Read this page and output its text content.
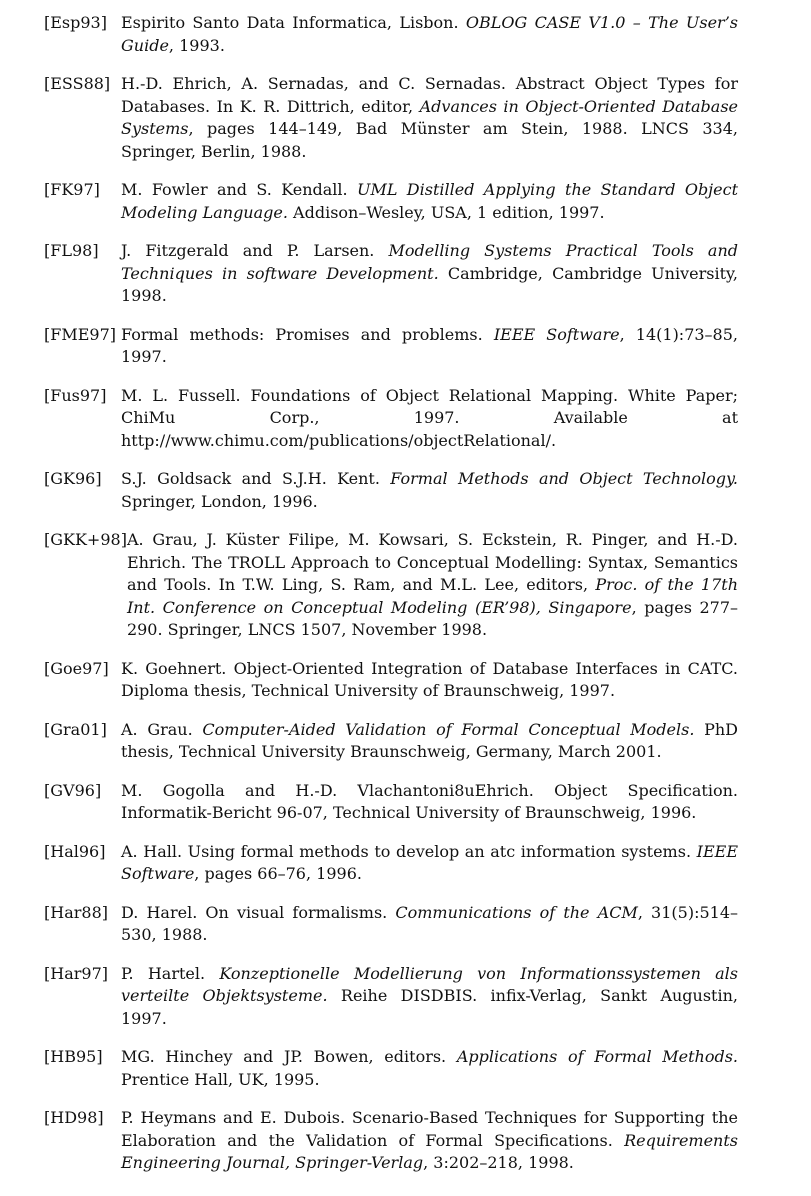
[Esp93] Espirito Santo Data Informatica, Lisbon. OBLOG CASE V1.0 – The User’s Guide, 1993.
[ESS88] H.-D. Ehrich, A. Sernadas, and C. Sernadas. Abstract Object Types for Databases. In K. R. Dittrich, editor, Advances in Object-Oriented Database Systems, pages 144–149, Bad Münster am Stein, 1988. LNCS 334, Springer, Berlin, 1988.
[FK97]	M. Fowler and S. Kendall. UML Distilled Applying the Standard Object Modeling Language. Addison–Wesley, USA, 1 edition, 1997.
[FL98]	J. Fitzgerald and P. Larsen. Modelling Systems Practical Tools and Techniques in software Development. Cambridge, Cambridge University, 1998.
[FME97] Formal methods: Promises and problems. IEEE Software, 14(1):73–85, 1997.
[Fus97] M. L. Fussell. Foundations of Object Relational Mapping. White Paper; ChiMu Corp., 1997. Available at http://www.chimu.com/publications/objectRelational/.
[GK96]	S.J. Goldsack and S.J.H. Kent. Formal Methods and Object Technology. Springer, London, 1996.
[GKK+98] A. Grau, J. Küster Filipe, M. Kowsari, S. Eckstein, R. Pinger, and H.-D. Ehrich. The TROLL Approach to Conceptual Modelling: Syntax, Semantics and Tools. In T.W. Ling, S. Ram, and M.L. Lee, editors, Proc. of the 17th Int. Conference on Conceptual Modeling (ER’98), Singapore, pages 277–290. Springer, LNCS 1507, November 1998.
[Goe97] K. Goehnert. Object-Oriented Integration of Database Interfaces in CATC. Diploma thesis, Technical University of Braunschweig, 1997.
[Gra01] A. Grau. Computer-Aided Validation of Formal Conceptual Models. PhD thesis, Technical University Braunschweig, Germany, March 2001.
[GV96]	M. Gogolla and H.-D. Vlachantoni8uEhrich. Object Specification. Informatik-Bericht 96-07, Technical University of Braunschweig, 1996.
[Hal96] A. Hall. Using formal methods to develop an atc information systems. IEEE Software, pages 66–76, 1996.
[Har88] D. Harel. On visual formalisms. Communications of the ACM, 31(5):514–530, 1988.
[Har97] P. Hartel. Konzeptionelle Modellierung von Informationssystemen als verteilte Objektsysteme. Reihe DISDBIS. infix-Verlag, Sankt Augustin, 1997.
[HB95]	MG. Hinchey and JP. Bowen, editors. Applications of Formal Methods. Prentice Hall, UK, 1995.
[HD98]	P. Heymans and E. Dubois. Scenario-Based Techniques for Supporting the Elaboration and the Validation of Formal Specifications. Requirements Engineering Journal, Springer-Verlag, 3:202–218, 1998.
